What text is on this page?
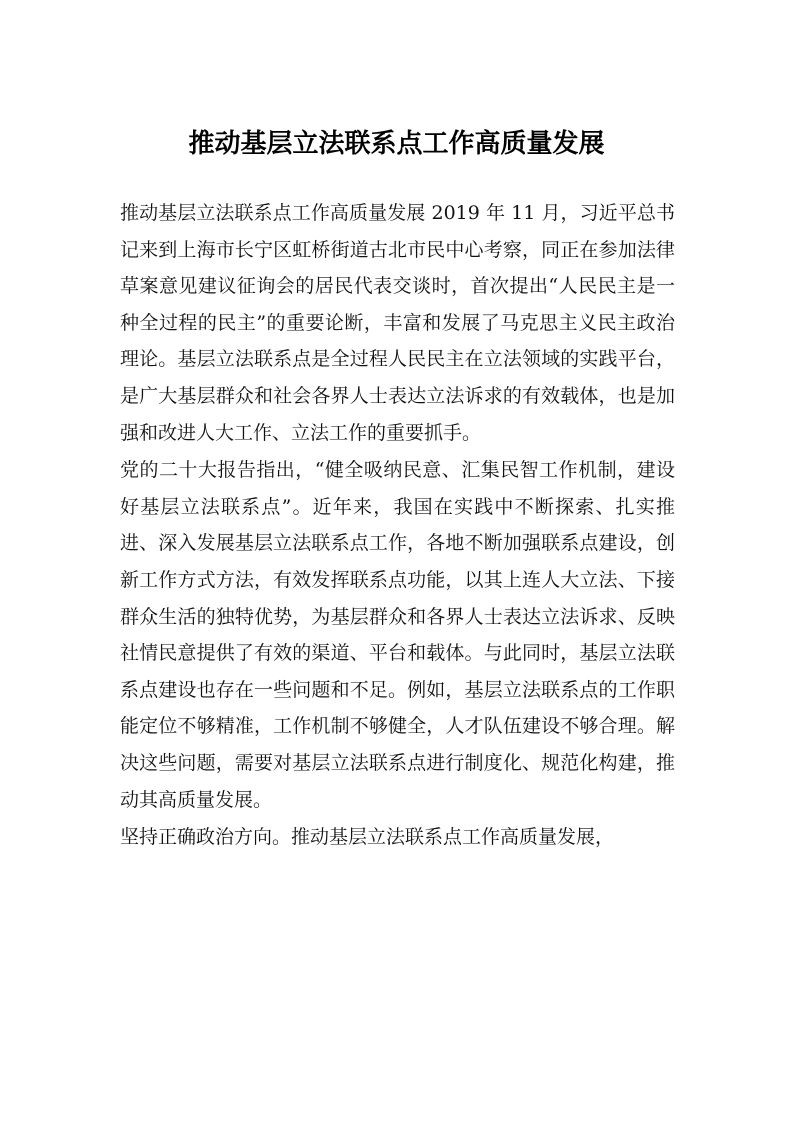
推动基层立法联系点工作高质量发展

推动基层立法联系点工作高质量发展 2019 年 11 月，习近平总书记来到上海市长宁区虹桥街道古北市民中心考察，同正在参加法律草案意见建议征询会的居民代表交谈时，首次提出“人民民主是一种全过程的民主”的重要论断，丰富和发展了马克思主义民主政治理论。基层立法联系点是全过程人民民主在立法领域的实践平台，是广大基层群众和社会各界人士表达立法诉求的有效载体，也是加强和改进人大工作、立法工作的重要抓手。

党的二十大报告指出，“健全吸纳民意、汇集民智工作机制，建设好基层立法联系点”。近年来，我国在实践中不断探索、扎实推进、深入发展基层立法联系点工作，各地不断加强联系点建设，创新工作方式方法，有效发挥联系点功能，以其上连人大立法、下接群众生活的独特优势，为基层群众和各界人士表达立法诉求、反映社情民意提供了有效的渠道、平台和载体。与此同时，基层立法联系点建设也存在一些问题和不足。例如，基层立法联系点的工作职能定位不够精准，工作机制不够健全，人才队伍建设不够合理。解决这些问题，需要对基层立法联系点进行制度化、规范化构建，推动其高质量发展。

坚持正确政治方向。推动基层立法联系点工作高质量发展，
